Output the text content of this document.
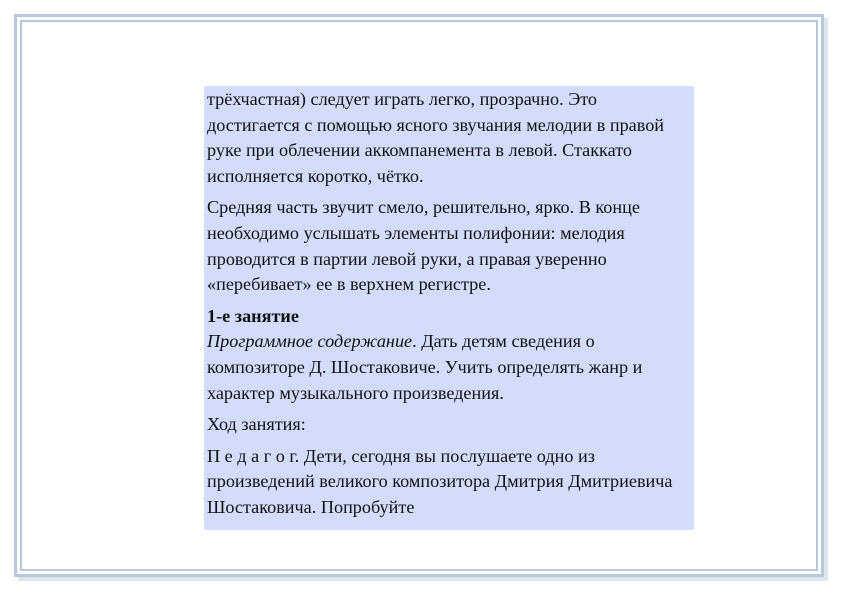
трёхчастная) следует играть легко, прозрачно. Это достигается с помощью ясного звучания мелодии в правой руке при облечении аккомпанемента в левой. Стаккато исполняется коротко, чётко.

Средняя часть звучит смело, решительно, ярко. В конце необходимо услышать элементы полифонии: мелодия проводится в партии левой руки, а правая уверенно «перебивает» ее в верхнем регистре.

1-е занятие

Программное содержание. Дать детям сведения о композиторе Д. Шостаковиче. Учить определять жанр и характер музыкального произведения.

Ход занятия:

П е д а г о г. Дети, сегодня вы послушаете одно из произведений великого композитора Дмитрия Дмитриевича Шостаковича. Попробуйте
